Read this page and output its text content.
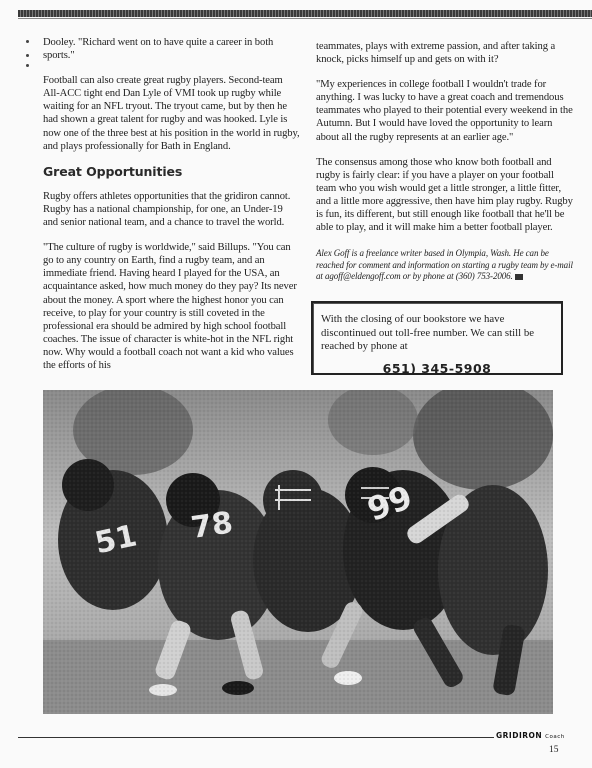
Dooley. "Richard went on to have quite a career in both sports."

Football can also create great rugby players. Second-team All-ACC tight end Dan Lyle of VMI took up rugby while waiting for an NFL tryout. The tryout came, but by then he had shown a great talent for rugby and was hooked. Lyle is now one of the three best at his position in the world in rugby, and plays professionally for Bath in England.

Great Opportunities

Rugby offers athletes opportunities that the gridiron cannot. Rugby has a national championship, for one, an Under-19 and senior national team, and a chance to travel the world.

"The culture of rugby is worldwide," said Billups. "You can go to any country on Earth, find a rugby team, and an immediate friend. Having heard I played for the USA, an acquaintance asked, how much money do they pay? Its never about the money. A sport where the highest honor you can receive, to play for your country is still coveted in the professional era should be admired by high school football coaches. The issue of character is white-hot in the NFL right now. Why would a football coach not want a kid who values the efforts of his

teammates, plays with extreme passion, and after taking a knock, picks himself up and gets on with it?

"My experiences in college football I wouldn't trade for anything. I was lucky to have a great coach and tremendous teammates who played to their potential every weekend in the Autumn. But I would have loved the opportunity to learn about all the rugby represents at an earlier age."

The consensus among those who know both football and rugby is fairly clear: if you have a player on your football team who you wish would get a little stronger, a little fitter, and a little more aggressive, then have him play rugby. Rugby is fun, its different, but still enough like football that he'll be able to play, and it will make him a better football player.

Alex Goff is a freelance writer based in Olympia, Wash. He can be reached for comment and information on starting a rugby team by e-mail at agoff@eldengoff.com or by phone at (360) 753-2006.
With the closing of our bookstore we have discontinued out toll-free number. We can still be reached by phone at
651) 345-5908
GRIDIRON Coach
15
